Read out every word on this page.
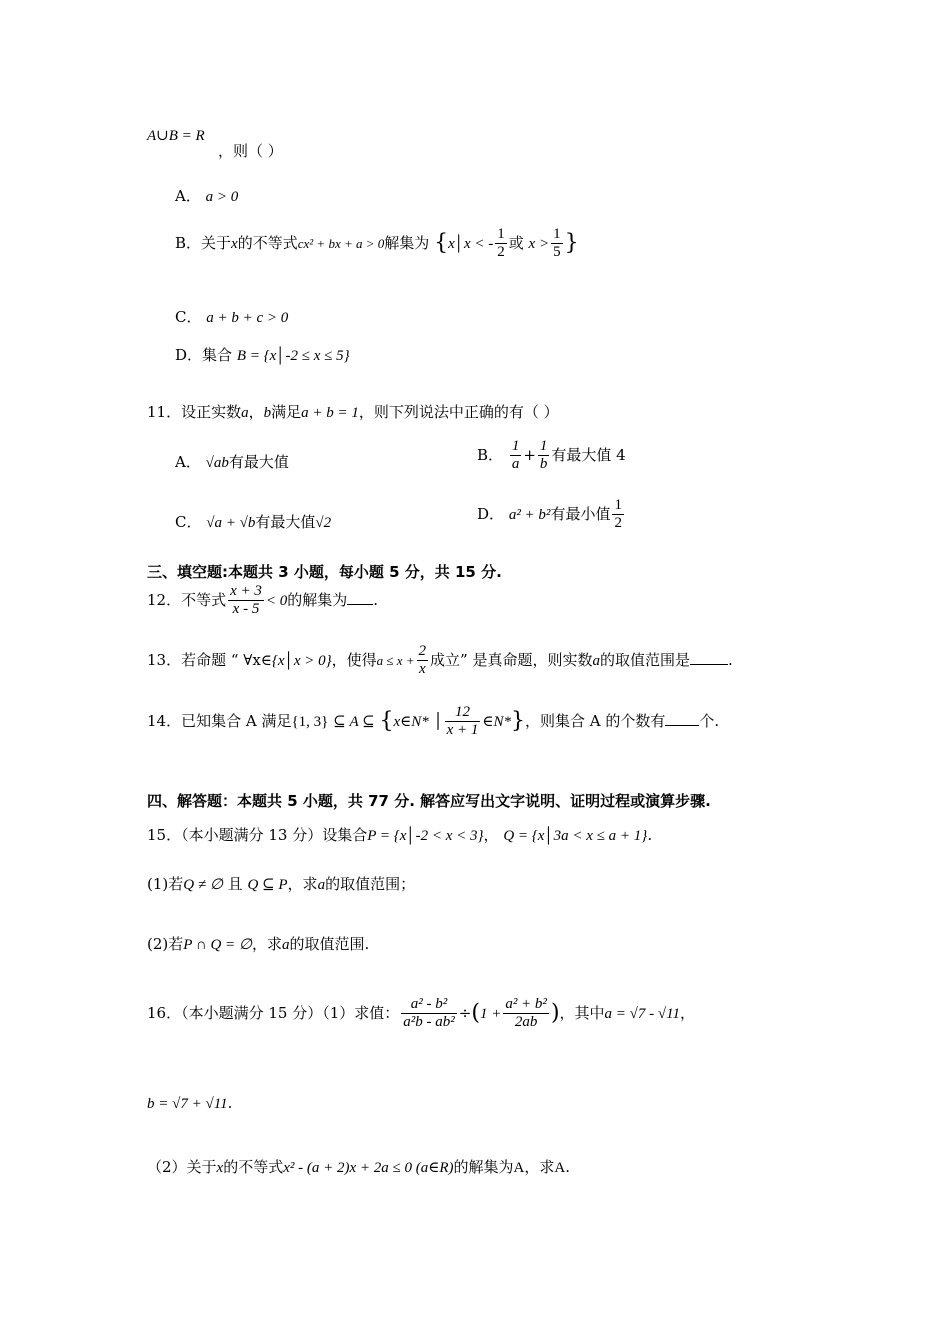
A∪B = R
，则（ ）
A． a > 0
B．关于x的不等式cx² + bx + a > 0解集为 {x│x < - $\frac{1}{2}$ 或 $x > \frac{1}{5}$ }
C． a + b + c > 0
D．集合 B = {x│-2 ≤ x ≤ 5}
11．设正实数a，b满足a + b = 1，则下列说法中正确的有（ ）
A． √ab有最大值	B． $\frac{1}{a} + \frac{1}{b}$ 有最大值 4
C． √a + √b有最大值√2
D． a² + b²有最小值 $\frac{1}{2}$
三、填空题:本题共 3 小题，每小题 5 分，共 15 分.
12．不等式 $\frac{x + 3}{x - 5} < 0$的解集为 .
13．若命题 “ ∀x∈{x│x > 0}，使得$a \le x + \frac{2}{x}$ 成立” 是真命题，则实数a的取值范围是	.
14．已知集合 A 满足{1, 3} ⊆ A ⊆ {x∈N* │ $\frac{12}{x + 1}$ ∈N*}，则集合 A 的个数有 个.
四、解答题：本题共 5 小题，共 77 分. 解答应写出文字说明、证明过程或演算步骤.
15．（本小题满分 13 分）设集合P = {x│-2 < x < 3}， Q = {x│3a < x ≤ a + 1}.
(1)若Q ≠ ∅ 且 Q ⊆ P，求a的取值范围；
(2)若P ∩ Q = ∅，求a的取值范围.
16．（本小题满分 15 分）（1）求值： $\frac{\text{a² - b²}}{\text{a²b - ab²}} \div(1 + \frac{\text{a² + b²}}{2ab}$ )，其中a = √7 - √11，
b = √7 + √11.
（2）关于x的不等式x² - (a + 2)x + 2a ≤ 0 (a∈R)的解集为A，求A.
